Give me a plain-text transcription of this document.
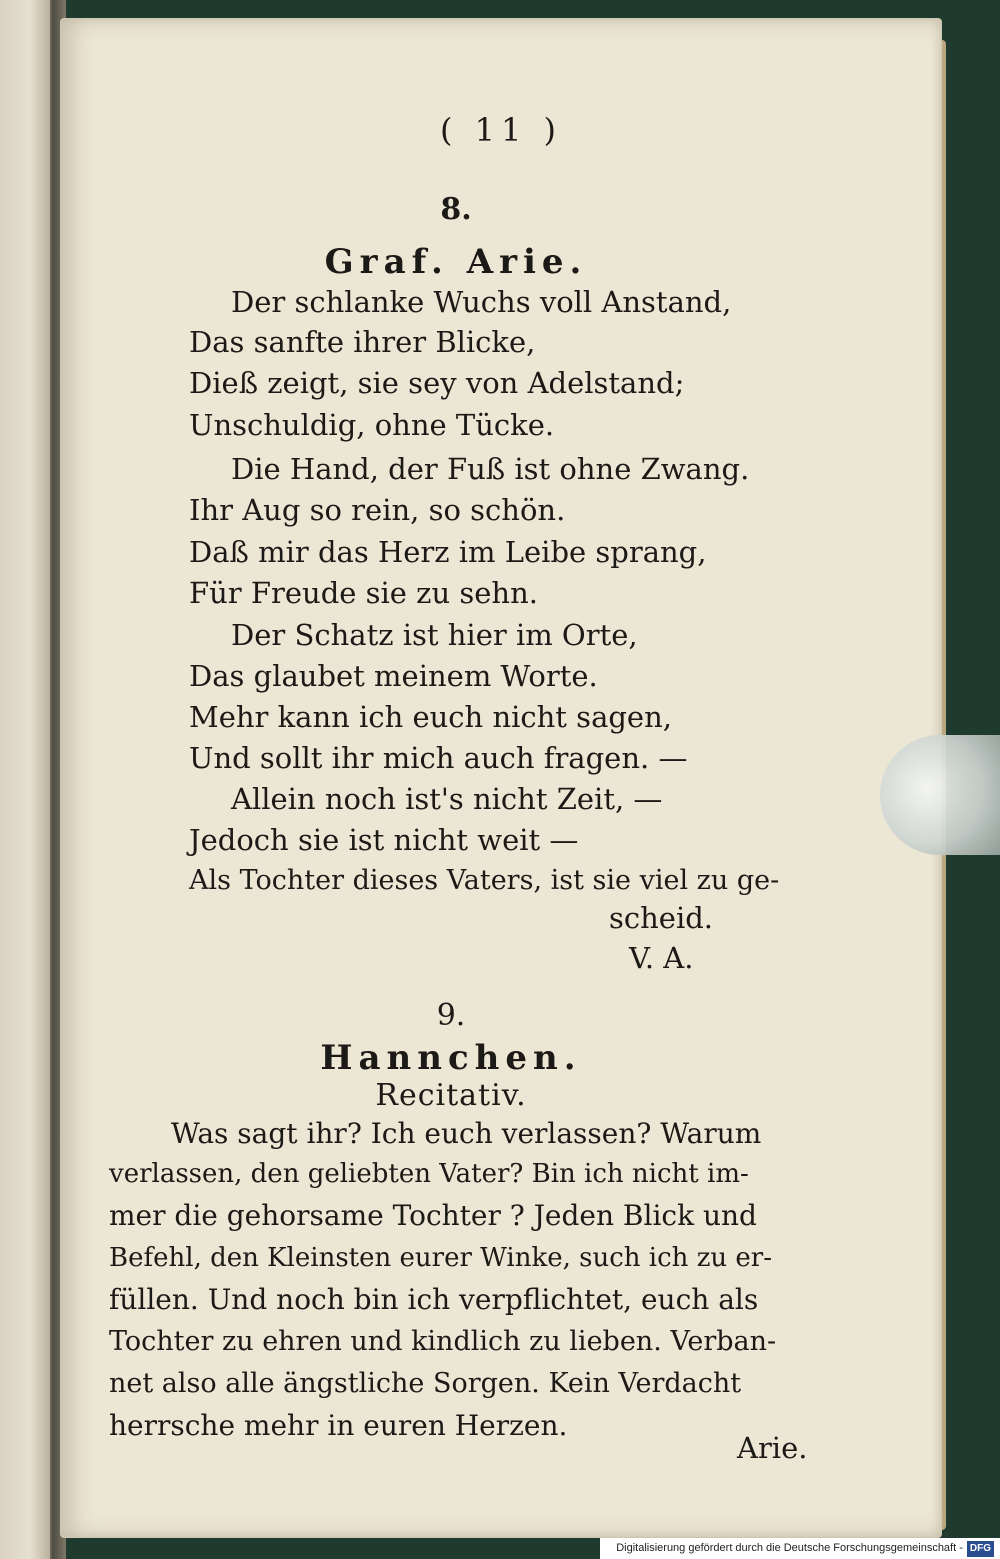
( 11 )

8.

Graf. Arie.

Der schlanke Wuchs voll Anstand,

Das sanfte ihrer Blicke,

Dieß zeigt, sie sey von Adelstand;

Unschuldig, ohne Tücke.

Die Hand, der Fuß ist ohne Zwang.

Ihr Aug so rein, so schön.

Daß mir das Herz im Leibe sprang,

Für Freude sie zu sehn.

Der Schatz ist hier im Orte,

Das glaubet meinem Worte.

Mehr kann ich euch nicht sagen,

Und sollt ihr mich auch fragen. —

Allein noch ist's nicht Zeit, —

Jedoch sie ist nicht weit —

Als Tochter dieses Vaters, ist sie viel zu ge-

scheid.

V. A.

9.

Hannchen.

Recitativ.

Was sagt ihr? Ich euch verlassen? Warum

verlassen, den geliebten Vater? Bin ich nicht im-

mer die gehorsame Tochter ? Jeden Blick und

Befehl, den Kleinsten eurer Winke, such ich zu er-

füllen. Und noch bin ich verpflichtet, euch als

Tochter zu ehren und kindlich zu lieben. Verban-

net also alle ängstliche Sorgen. Kein Verdacht

herrsche mehr in euren Herzen.

Arie.

Digitalisierung gefördert durch die Deutsche Forschungsgemeinschaft - DFG
